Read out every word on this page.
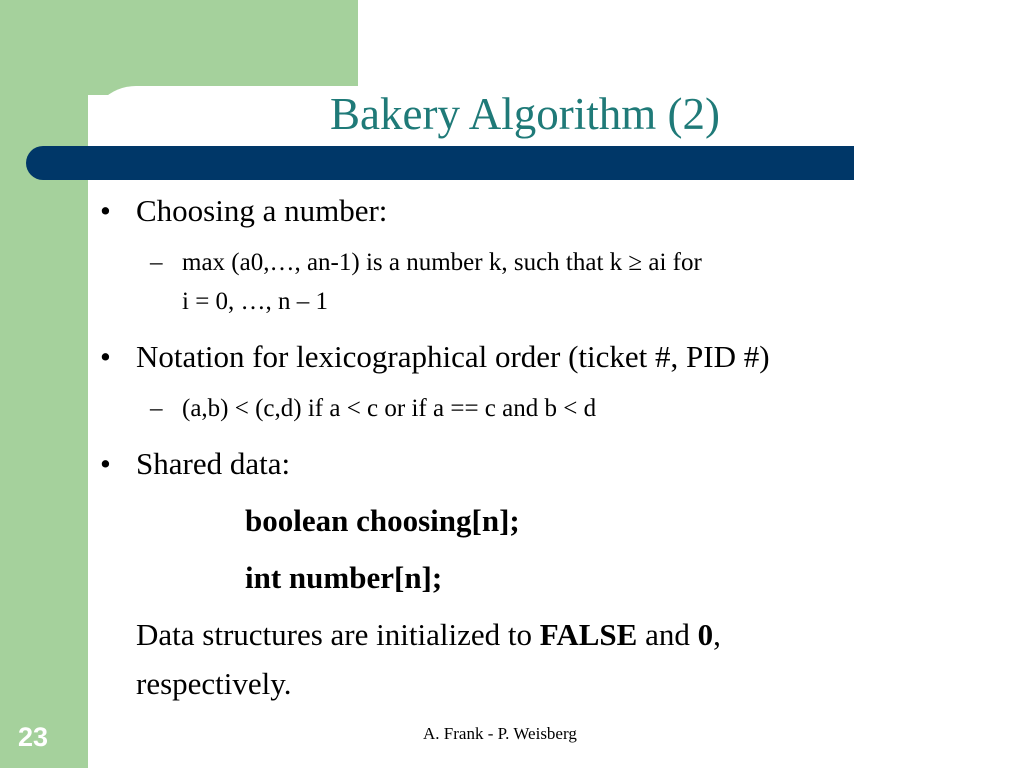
Bakery Algorithm (2)
• Choosing a number:
– max (a0,…, an-1) is a number k, such that k ≥ ai for
i = 0, …, n – 1
• Notation for lexicographical order (ticket #, PID #)
– (a,b) < (c,d) if a < c or if a == c and b < d
• Shared data:
boolean choosing[n];
int number[n];
Data structures are initialized to FALSE and 0,
respectively.
23	A. Frank - P. Weisberg
